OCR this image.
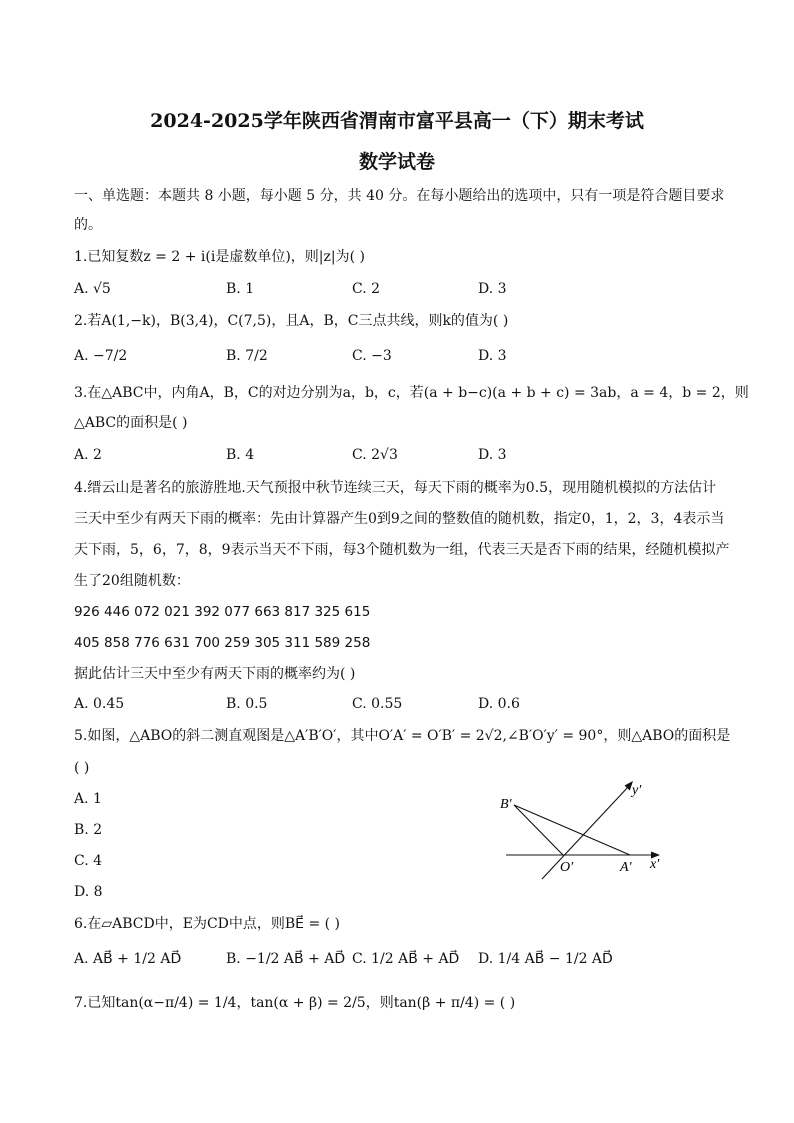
2024-2025学年陕西省渭南市富平县高一（下）期末考试
数学试卷
一、单选题：本题共 8 小题，每小题 5 分，共 40 分。在每小题给出的选项中，只有一项是符合题目要求
的。
1.已知复数z = 2 + i(i是虚数单位)，则|z|为( )
A. √5	B. 1	C. 2	D. 3
2.若A(1,−k)，B(3,4)，C(7,5)，且A，B，C三点共线，则k的值为( )
A. −7/2	B. 7/2	C. −3	D. 3
3.在△ABC中，内角A，B，C的对边分别为a，b，c，若(a + b−c)(a + b + c) = 3ab，a = 4，b = 2，则
△ABC的面积是( )
A. 2	B. 4	C. 2√3	D. 3
4.缙云山是著名的旅游胜地.天气预报中秋节连续三天，每天下雨的概率为0.5，现用随机模拟的方法估计
三天中至少有两天下雨的概率：先由计算器产生0到9之间的整数值的随机数，指定0，1，2，3，4表示当
天下雨，5，6，7，8，9表示当天不下雨，每3个随机数为一组，代表三天是否下雨的结果，经随机模拟产
生了20组随机数：
926 446 072 021 392 077 663 817 325 615
405 858 776 631 700 259 305 311 589 258
据此估计三天中至少有两天下雨的概率约为( )
A. 0.45	B. 0.5	C. 0.55	D. 0.6
5.如图，△ABO的斜二测直观图是△A′B′O′，其中O′A′ = O′B′ = 2√2,∠B′O′y′ = 90°，则△ABO的面积是
( )
A. 1
B. 2
C. 4
D. 8
B′
O′	A′ x′
y′
6.在▱ABCD中，E为CD中点，则BE⃗ = ( )
A. AB⃗ + 1/2 AD⃗	B. −1/2 AB⃗ + AD⃗ C. 1/2 AB⃗ + AD⃗ D. 1/4 AB⃗ − 1/2 AD⃗
7.已知tan(α−π/4) = 1/4，tan(α + β) = 2/5，则tan(β + π/4) = ( )
